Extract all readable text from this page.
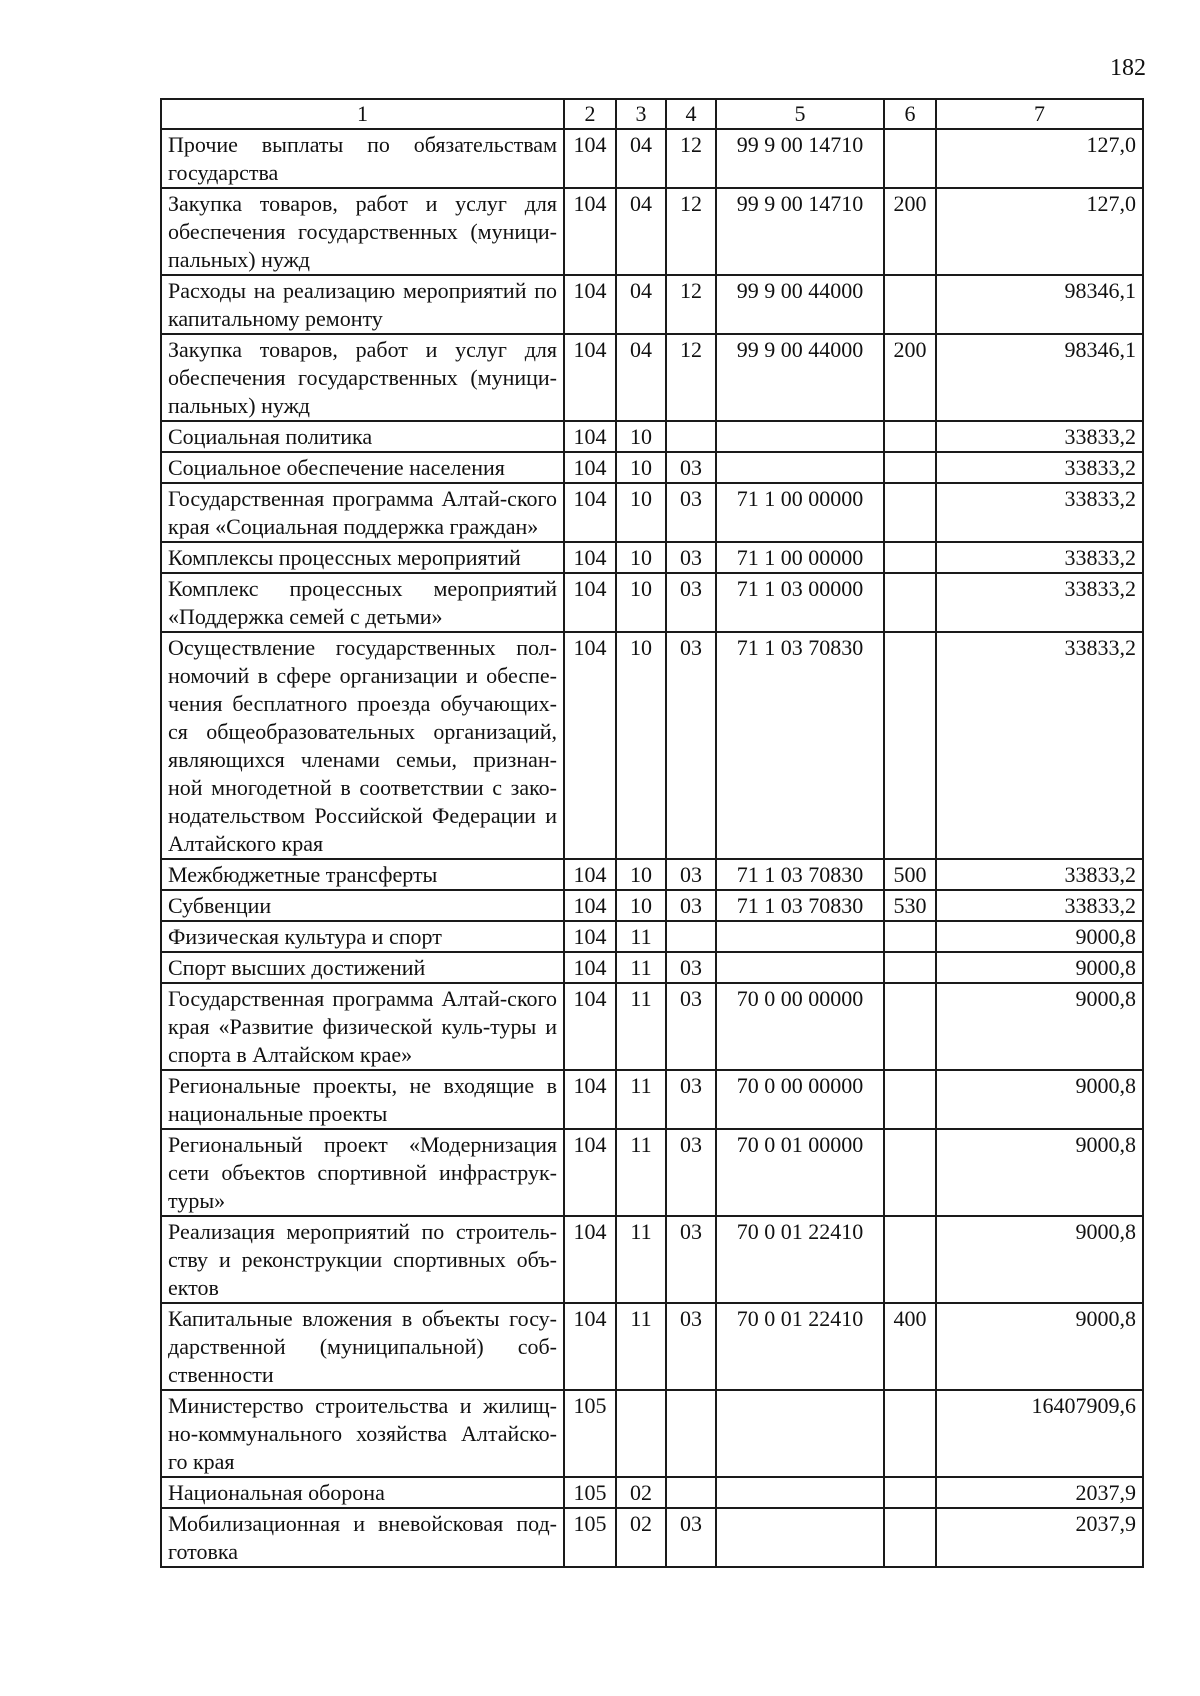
182
1	2	3	4	5	6	7
Прочие выплаты по обязательствам государства	104	04	12	99 9 00 14710		127,0
Закупка товаров, работ и услуг для обеспечения государственных (муници-пальных) нужд	104	04	12	99 9 00 14710	200	127,0
Расходы на реализацию мероприятий по капитальному ремонту	104	04	12	99 9 00 44000		98346,1
Закупка товаров, работ и услуг для обеспечения государственных (муници-пальных) нужд	104	04	12	99 9 00 44000	200	98346,1
Социальная политика	104	10				33833,2
Социальное обеспечение населения	104	10	03			33833,2
Государственная программа Алтай-ского края «Социальная поддержка граждан»	104	10	03	71 1 00 00000		33833,2
Комплексы процессных мероприятий	104	10	03	71 1 00 00000		33833,2
Комплекс процессных мероприятий «Поддержка семей с детьми»	104	10	03	71 1 03 00000		33833,2
Осуществление государственных пол-номочий в сфере организации и обеспе-чения бесплатного проезда обучающих-ся общеобразовательных организаций, являющихся членами семьи, признан-ной многодетной в соответствии с зако-нодательством Российской Федерации и Алтайского края	104	10	03	71 1 03 70830		33833,2
Межбюджетные трансферты	104	10	03	71 1 03 70830	500	33833,2
Субвенции	104	10	03	71 1 03 70830	530	33833,2
Физическая культура и спорт	104	11				9000,8
Спорт высших достижений	104	11	03			9000,8
Государственная программа Алтай-ского края «Развитие физической куль-туры и спорта в Алтайском крае»	104	11	03	70 0 00 00000		9000,8
Региональные проекты, не входящие в национальные проекты	104	11	03	70 0 00 00000		9000,8
Региональный проект «Модернизация сети объектов спортивной инфраструк-туры»	104	11	03	70 0 01 00000		9000,8
Реализация мероприятий по строитель-ству и реконструкции спортивных объ-ектов	104	11	03	70 0 01 22410		9000,8
Капитальные вложения в объекты госу-дарственной (муниципальной) соб-ственности	104	11	03	70 0 01 22410	400	9000,8
Министерство строительства и жилищ-но-коммунального хозяйства Алтайско-го края	105					16407909,6
Национальная оборона	105	02				2037,9
Мобилизационная и вневойсковая под-готовка	105	02	03			2037,9
